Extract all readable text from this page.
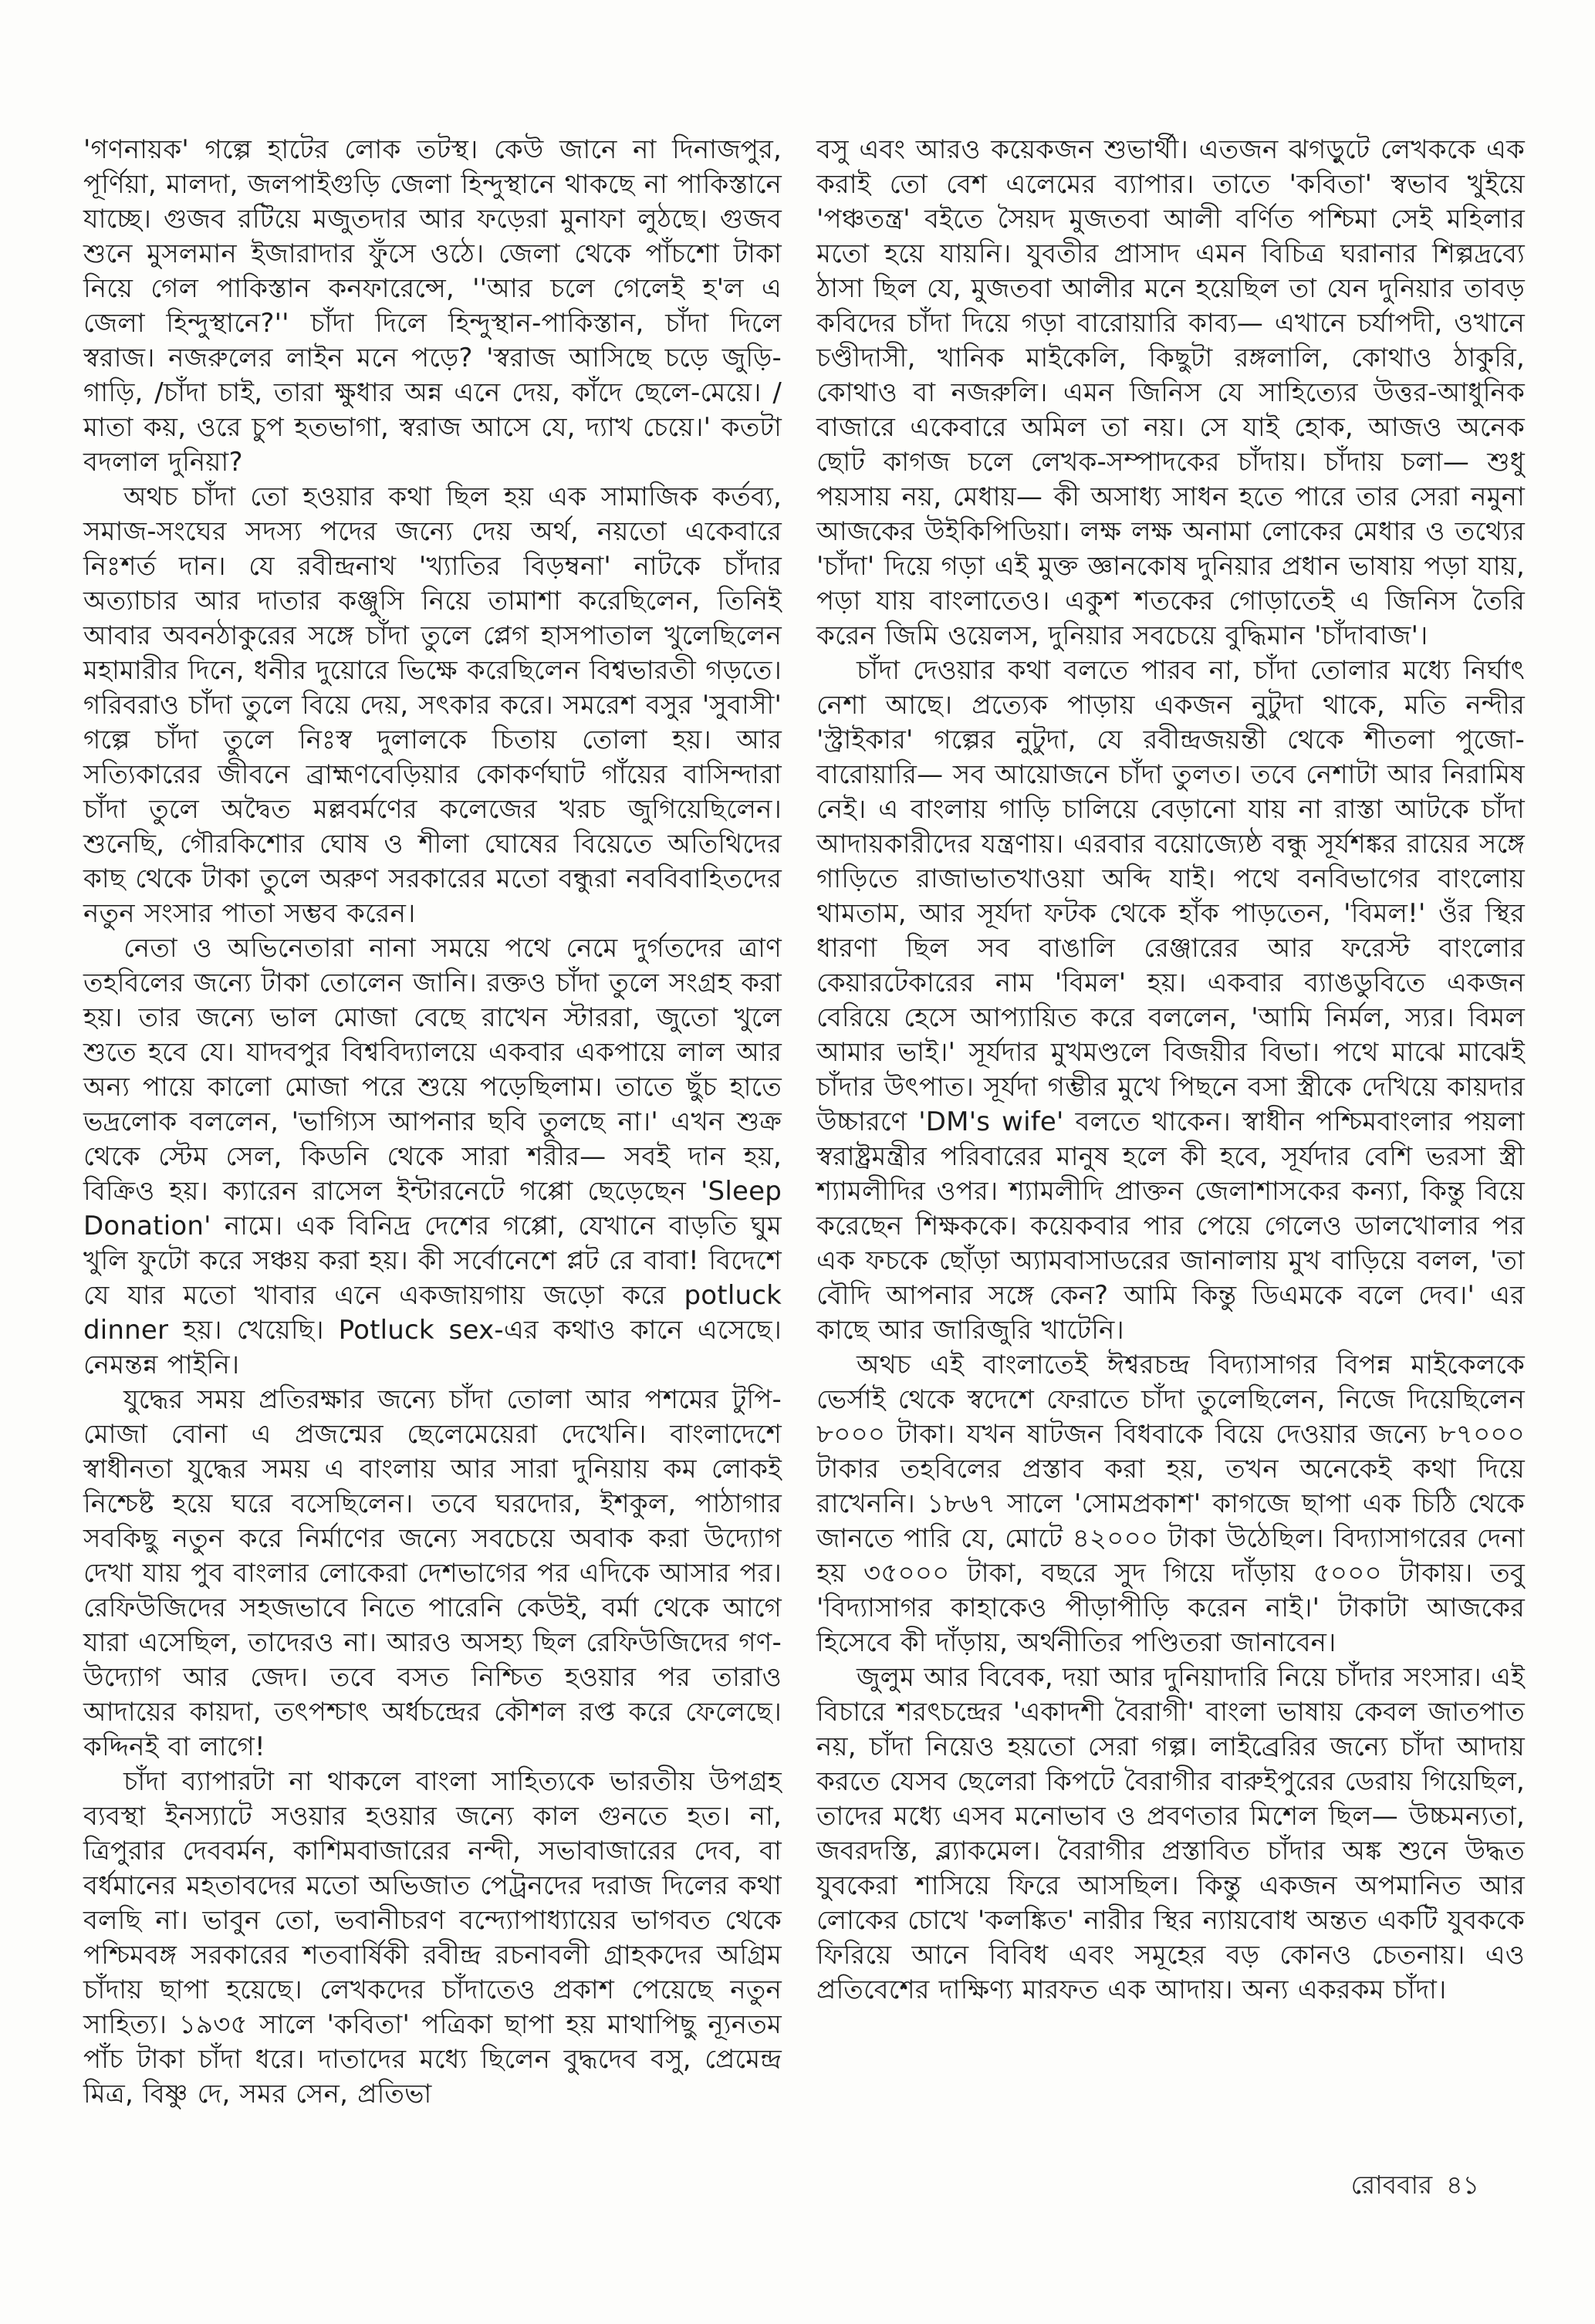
'গণনায়ক' গল্পে হাটের লোক তটস্থ। কেউ জানে না দিনাজপুর, পূর্ণিয়া, মালদা, জলপাইগুড়ি জেলা হিন্দুস্থানে থাকছে না পাকিস্তানে যাচ্ছে। গুজব রটিয়ে মজুতদার আর ফড়েরা মুনাফা লুঠছে। গুজব শুনে মুসলমান ইজারাদার ফুঁসে ওঠে। জেলা থেকে পাঁচশো টাকা নিয়ে গেল পাকিস্তান কনফারেন্সে, ''আর চলে গেলেই হ'ল এ জেলা হিন্দুস্থানে?'' চাঁদা দিলে হিন্দুস্থান-পাকিস্তান, চাঁদা দিলে স্বরাজ। নজরুলের লাইন মনে পড়ে? 'স্বরাজ আসিছে চড়ে জুড়ি-গাড়ি, /চাঁদা চাই, তারা ক্ষুধার অন্ন এনে দেয়, কাঁদে ছেলে-মেয়ে। /মাতা কয়, ওরে চুপ হতভাগা, স্বরাজ আসে যে, দ্যাখ চেয়ে।' কতটা বদলাল দুনিয়া?

অথচ চাঁদা তো হওয়ার কথা ছিল হয় এক সামাজিক কর্তব্য, সমাজ-সংঘের সদস্য পদের জন্যে দেয় অর্থ, নয়তো একেবারে নিঃশর্ত দান। যে রবীন্দ্রনাথ 'খ্যাতির বিড়ম্বনা' নাটকে চাঁদার অত্যাচার আর দাতার কঞ্জুসি নিয়ে তামাশা করেছিলেন, তিনিই আবার অবনঠাকুরের সঙ্গে চাঁদা তুলে প্লেগ হাসপাতাল খুলেছিলেন মহামারীর দিনে, ধনীর দুয়োরে ভিক্ষে করেছিলেন বিশ্বভারতী গড়তে। গরিবরাও চাঁদা তুলে বিয়ে দেয়, সৎকার করে। সমরেশ বসুর 'সুবাসী' গল্পে চাঁদা তুলে নিঃস্ব দুলালকে চিতায় তোলা হয়। আর সত্যিকারের জীবনে ব্রাহ্মণবেড়িয়ার কোকর্ণঘাট গাঁয়ের বাসিন্দারা চাঁদা তুলে অদ্বৈত মল্লবর্মণের কলেজের খরচ জুগিয়েছিলেন। শুনেছি, গৌরকিশোর ঘোষ ও শীলা ঘোষের বিয়েতে অতিথিদের কাছ থেকে টাকা তুলে অরুণ সরকারের মতো বন্ধুরা নববিবাহিতদের নতুন সংসার পাতা সম্ভব করেন।

নেতা ও অভিনেতারা নানা সময়ে পথে নেমে দুর্গতদের ত্রাণ তহবিলের জন্যে টাকা তোলেন জানি। রক্তও চাঁদা তুলে সংগ্রহ করা হয়। তার জন্যে ভাল মোজা বেছে রাখেন স্টাররা, জুতো খুলে শুতে হবে যে। যাদবপুর বিশ্ববিদ্যালয়ে একবার একপায়ে লাল আর অন্য পায়ে কালো মোজা পরে শুয়ে পড়েছিলাম। তাতে ছুঁচ হাতে ভদ্রলোক বললেন, 'ভাগ্যিস আপনার ছবি তুলছে না।' এখন শুক্র থেকে স্টেম সেল, কিডনি থেকে সারা শরীর— সবই দান হয়, বিক্রিও হয়। ক্যারেন রাসেল ইন্টারনেটে গপ্পো ছেড়েছেন 'Sleep Donation' নামে। এক বিনিদ্র দেশের গপ্পো, যেখানে বাড়তি ঘুম খুলি ফুটো করে সঞ্চয় করা হয়। কী সর্বোনেশে প্লট রে বাবা! বিদেশে যে যার মতো খাবার এনে একজায়গায় জড়ো করে potluck dinner হয়। খেয়েছি। Potluck sex-এর কথাও কানে এসেছে। নেমন্তন্ন পাইনি।

যুদ্ধের সময় প্রতিরক্ষার জন্যে চাঁদা তোলা আর পশমের টুপি-মোজা বোনা এ প্রজন্মের ছেলেমেয়েরা দেখেনি। বাংলাদেশে স্বাধীনতা যুদ্ধের সময় এ বাংলায় আর সারা দুনিয়ায় কম লোকই নিশ্চেষ্ট হয়ে ঘরে বসেছিলেন। তবে ঘরদোর, ইশকুল, পাঠাগার সবকিছু নতুন করে নির্মাণের জন্যে সবচেয়ে অবাক করা উদ্যোগ দেখা যায় পুব বাংলার লোকেরা দেশভাগের পর এদিকে আসার পর। রেফিউজিদের সহজভাবে নিতে পারেনি কেউই, বর্মা থেকে আগে যারা এসেছিল, তাদেরও না। আরও অসহ্য ছিল রেফিউজিদের গণ-উদ্যোগ আর জেদ। তবে বসত নিশ্চিত হওয়ার পর তারাও আদায়ের কায়দা, তৎপশ্চাৎ অর্ধচন্দ্রের কৌশল রপ্ত করে ফেলেছে। কদ্দিনই বা লাগে!

চাঁদা ব্যাপারটা না থাকলে বাংলা সাহিত্যকে ভারতীয় উপগ্রহ ব্যবস্থা ইনস্যাটে সওয়ার হওয়ার জন্যে কাল গুনতে হত। না, ত্রিপুরার দেববর্মন, কাশিমবাজারের নন্দী, সভাবাজারের দেব, বা বর্ধমানের মহতাবদের মতো অভিজাত পেট্রনদের দরাজ দিলের কথা বলছি না। ভাবুন তো, ভবানীচরণ বন্দ্যোপাধ্যায়ের ভাগবত থেকে পশ্চিমবঙ্গ সরকারের শতবার্ষিকী রবীন্দ্র রচনাবলী গ্রাহকদের অগ্রিম চাঁদায় ছাপা হয়েছে। লেখকদের চাঁদাতেও প্রকাশ পেয়েছে নতুন সাহিত্য। ১৯৩৫ সালে 'কবিতা' পত্রিকা ছাপা হয় মাথাপিছু ন্যূনতম পাঁচ টাকা চাঁদা ধরে। দাতাদের মধ্যে ছিলেন বুদ্ধদেব বসু, প্রেমেন্দ্র মিত্র, বিষ্ণু দে, সমর সেন, প্রতিভা

বসু এবং আরও কয়েকজন শুভার্থী। এতজন ঝগড়ুটে লেখককে এক করাই তো বেশ এলেমের ব্যাপার। তাতে 'কবিতা' স্বভাব খুইয়ে 'পঞ্চতন্ত্র' বইতে সৈয়দ মুজতবা আলী বর্ণিত পশ্চিমা সেই মহিলার মতো হয়ে যায়নি। যুবতীর প্রাসাদ এমন বিচিত্র ঘরানার শিল্পদ্রব্যে ঠাসা ছিল যে, মুজতবা আলীর মনে হয়েছিল তা যেন দুনিয়ার তাবড় কবিদের চাঁদা দিয়ে গড়া বারোয়ারি কাব্য— এখানে চর্যাপদী, ওখানে চণ্ডীদাসী, খানিক মাইকেলি, কিছুটা রঙ্গলালি, কোথাও ঠাকুরি, কোথাও বা নজরুলি। এমন জিনিস যে সাহিত্যের উত্তর-আধুনিক বাজারে একেবারে অমিল তা নয়। সে যাই হোক, আজও অনেক ছোট কাগজ চলে লেখক-সম্পাদকের চাঁদায়। চাঁদায় চলা— শুধু পয়সায় নয়, মেধায়— কী অসাধ্য সাধন হতে পারে তার সেরা নমুনা আজকের উইকিপিডিয়া। লক্ষ লক্ষ অনামা লোকের মেধার ও তথ্যের 'চাঁদা' দিয়ে গড়া এই মুক্ত জ্ঞানকোষ দুনিয়ার প্রধান ভাষায় পড়া যায়, পড়া যায় বাংলাতেও। একুশ শতকের গোড়াতেই এ জিনিস তৈরি করেন জিমি ওয়েলস, দুনিয়ার সবচেয়ে বুদ্ধিমান 'চাঁদাবাজ'।

চাঁদা দেওয়ার কথা বলতে পারব না, চাঁদা তোলার মধ্যে নির্ঘাৎ নেশা আছে। প্রত্যেক পাড়ায় একজন নুটুদা থাকে, মতি নন্দীর 'স্ট্রাইকার' গল্পের নুটুদা, যে রবীন্দ্রজয়ন্তী থেকে শীতলা পুজো-বারোয়ারি— সব আয়োজনে চাঁদা তুলত। তবে নেশাটা আর নিরামিষ নেই। এ বাংলায় গাড়ি চালিয়ে বেড়ানো যায় না রাস্তা আটকে চাঁদা আদায়কারীদের যন্ত্রণায়। এরবার বয়োজ্যেষ্ঠ বন্ধু সূর্যশঙ্কর রায়ের সঙ্গে গাড়িতে রাজাভাতখাওয়া অব্দি যাই। পথে বনবিভাগের বাংলোয় থামতাম, আর সূর্যদা ফটক থেকে হাঁক পাড়তেন, 'বিমল!' ওঁর স্থির ধারণা ছিল সব বাঙালি রেঞ্জারের আর ফরেস্ট বাংলোর কেয়ারটেকারের নাম 'বিমল' হয়। একবার ব্যাঙডুবিতে একজন বেরিয়ে হেসে আপ্যায়িত করে বললেন, 'আমি নির্মল, স্যর। বিমল আমার ভাই।' সূর্যদার মুখমণ্ডলে বিজয়ীর বিভা। পথে মাঝে মাঝেই চাঁদার উৎপাত। সূর্যদা গম্ভীর মুখে পিছনে বসা স্ত্রীকে দেখিয়ে কায়দার উচ্চারণে 'DM's wife' বলতে থাকেন। স্বাধীন পশ্চিমবাংলার পয়লা স্বরাষ্ট্রমন্ত্রীর পরিবারের মানুষ হলে কী হবে, সূর্যদার বেশি ভরসা স্ত্রী শ্যামলীদির ওপর। শ্যামলীদি প্রাক্তন জেলাশাসকের কন্যা, কিন্তু বিয়ে করেছেন শিক্ষককে। কয়েকবার পার পেয়ে গেলেও ডালখোলার পর এক ফচকে ছোঁড়া অ্যামবাসাডরের জানালায় মুখ বাড়িয়ে বলল, 'তা বৌদি আপনার সঙ্গে কেন? আমি কিন্তু ডিএমকে বলে দেব।' এর কাছে আর জারিজুরি খাটেনি।

অথচ এই বাংলাতেই ঈশ্বরচন্দ্র বিদ্যাসাগর বিপন্ন মাইকেলকে ভের্সাই থেকে স্বদেশে ফেরাতে চাঁদা তুলেছিলেন, নিজে দিয়েছিলেন ৮০০০ টাকা। যখন ষাটজন বিধবাকে বিয়ে দেওয়ার জন্যে ৮৭০০০ টাকার তহবিলের প্রস্তাব করা হয়, তখন অনেকেই কথা দিয়ে রাখেননি। ১৮৬৭ সালে 'সোমপ্রকাশ' কাগজে ছাপা এক চিঠি থেকে জানতে পারি যে, মোটে ৪২০০০ টাকা উঠেছিল। বিদ্যাসাগরের দেনা হয় ৩৫০০০ টাকা, বছরে সুদ গিয়ে দাঁড়ায় ৫০০০ টাকায়। তবু 'বিদ্যাসাগর কাহাকেও পীড়াপীড়ি করেন নাই।' টাকাটা আজকের হিসেবে কী দাঁড়ায়, অর্থনীতির পণ্ডিতরা জানাবেন।

জুলুম আর বিবেক, দয়া আর দুনিয়াদারি নিয়ে চাঁদার সংসার। এই বিচারে শরৎচন্দ্রের 'একাদশী বৈরাগী' বাংলা ভাষায় কেবল জাতপাত নয়, চাঁদা নিয়েও হয়তো সেরা গল্প। লাইব্রেরির জন্যে চাঁদা আদায় করতে যেসব ছেলেরা কিপটে বৈরাগীর বারুইপুরের ডেরায় গিয়েছিল, তাদের মধ্যে এসব মনোভাব ও প্রবণতার মিশেল ছিল— উচ্চমন্যতা, জবরদস্তি, ব্ল্যাকমেল। বৈরাগীর প্রস্তাবিত চাঁদার অঙ্ক শুনে উদ্ধত যুবকেরা শাসিয়ে ফিরে আসছিল। কিন্তু একজন অপমানিত আর লোকের চোখে 'কলঙ্কিত' নারীর স্থির ন্যায়বোধ অন্তত একটি যুবককে ফিরিয়ে আনে বিবিধ এবং সমূহের বড় কোনও চেতনায়। এও প্রতিবেশের দাক্ষিণ্য মারফত এক আদায়। অন্য একরকম চাঁদা।

রোববার ৪১
